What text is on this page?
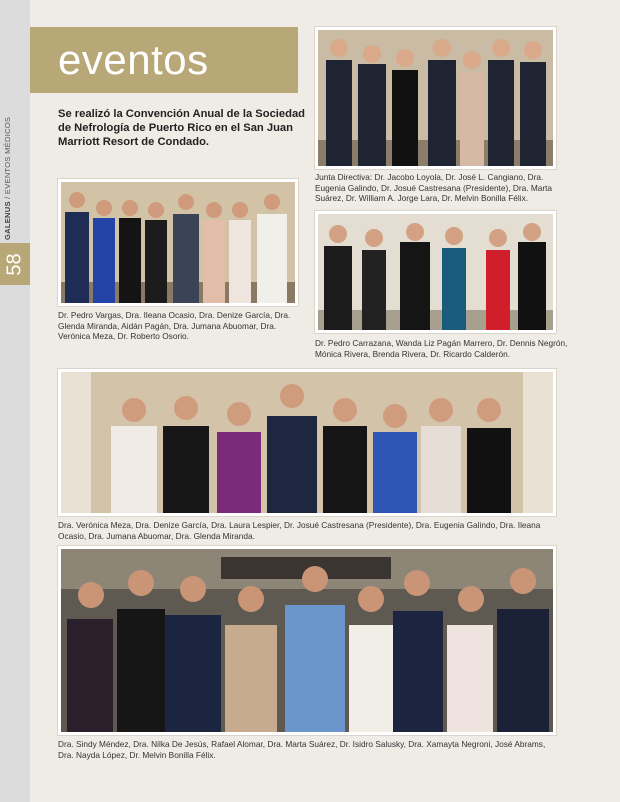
GALENUS / EVENTOS MÉDICOS
58
eventos
Se realizó la Convención Anual de la Sociedad de Nefrología de Puerto Rico en el San Juan Marriott Resort de Condado.
Junta Directiva: Dr. Jacobo Loyola, Dr. José L. Cangiano, Dra. Eugenia Galindo, Dr. Josué Castresana (Presidente), Dra. Marta Suárez, Dr. William A. Jorge Lara, Dr. Melvin Bonilla Félix.
Dr. Pedro Vargas, Dra. Ileana Ocasio, Dra. Denize García, Dra. Glenda Miranda, Aidán Pagán, Dra. Jumana Abuomar, Dra. Verónica Meza, Dr. Roberto Osorio.
Dr. Pedro Carrazana, Wanda Liz Pagán Marrero, Dr. Dennis Negrón, Mónica Rivera, Brenda Rivera, Dr. Ricardo Calderón.
Dra. Verónica Meza, Dra. Denize García, Dra. Laura Lespier, Dr. Josué Castresana (Presidente), Dra. Eugenia Galindo, Dra. Ileana Ocasio, Dra. Jumana Abuomar, Dra. Glenda Miranda.
Dra. Sindy Méndez, Dra. Nilka De Jesús, Rafael Alomar, Dra. Marta Suárez, Dr. Isidro Salusky, Dra. Xamayta Negroni, José Abrams, Dra. Nayda López, Dr. Melvin Bonilla Félix.
